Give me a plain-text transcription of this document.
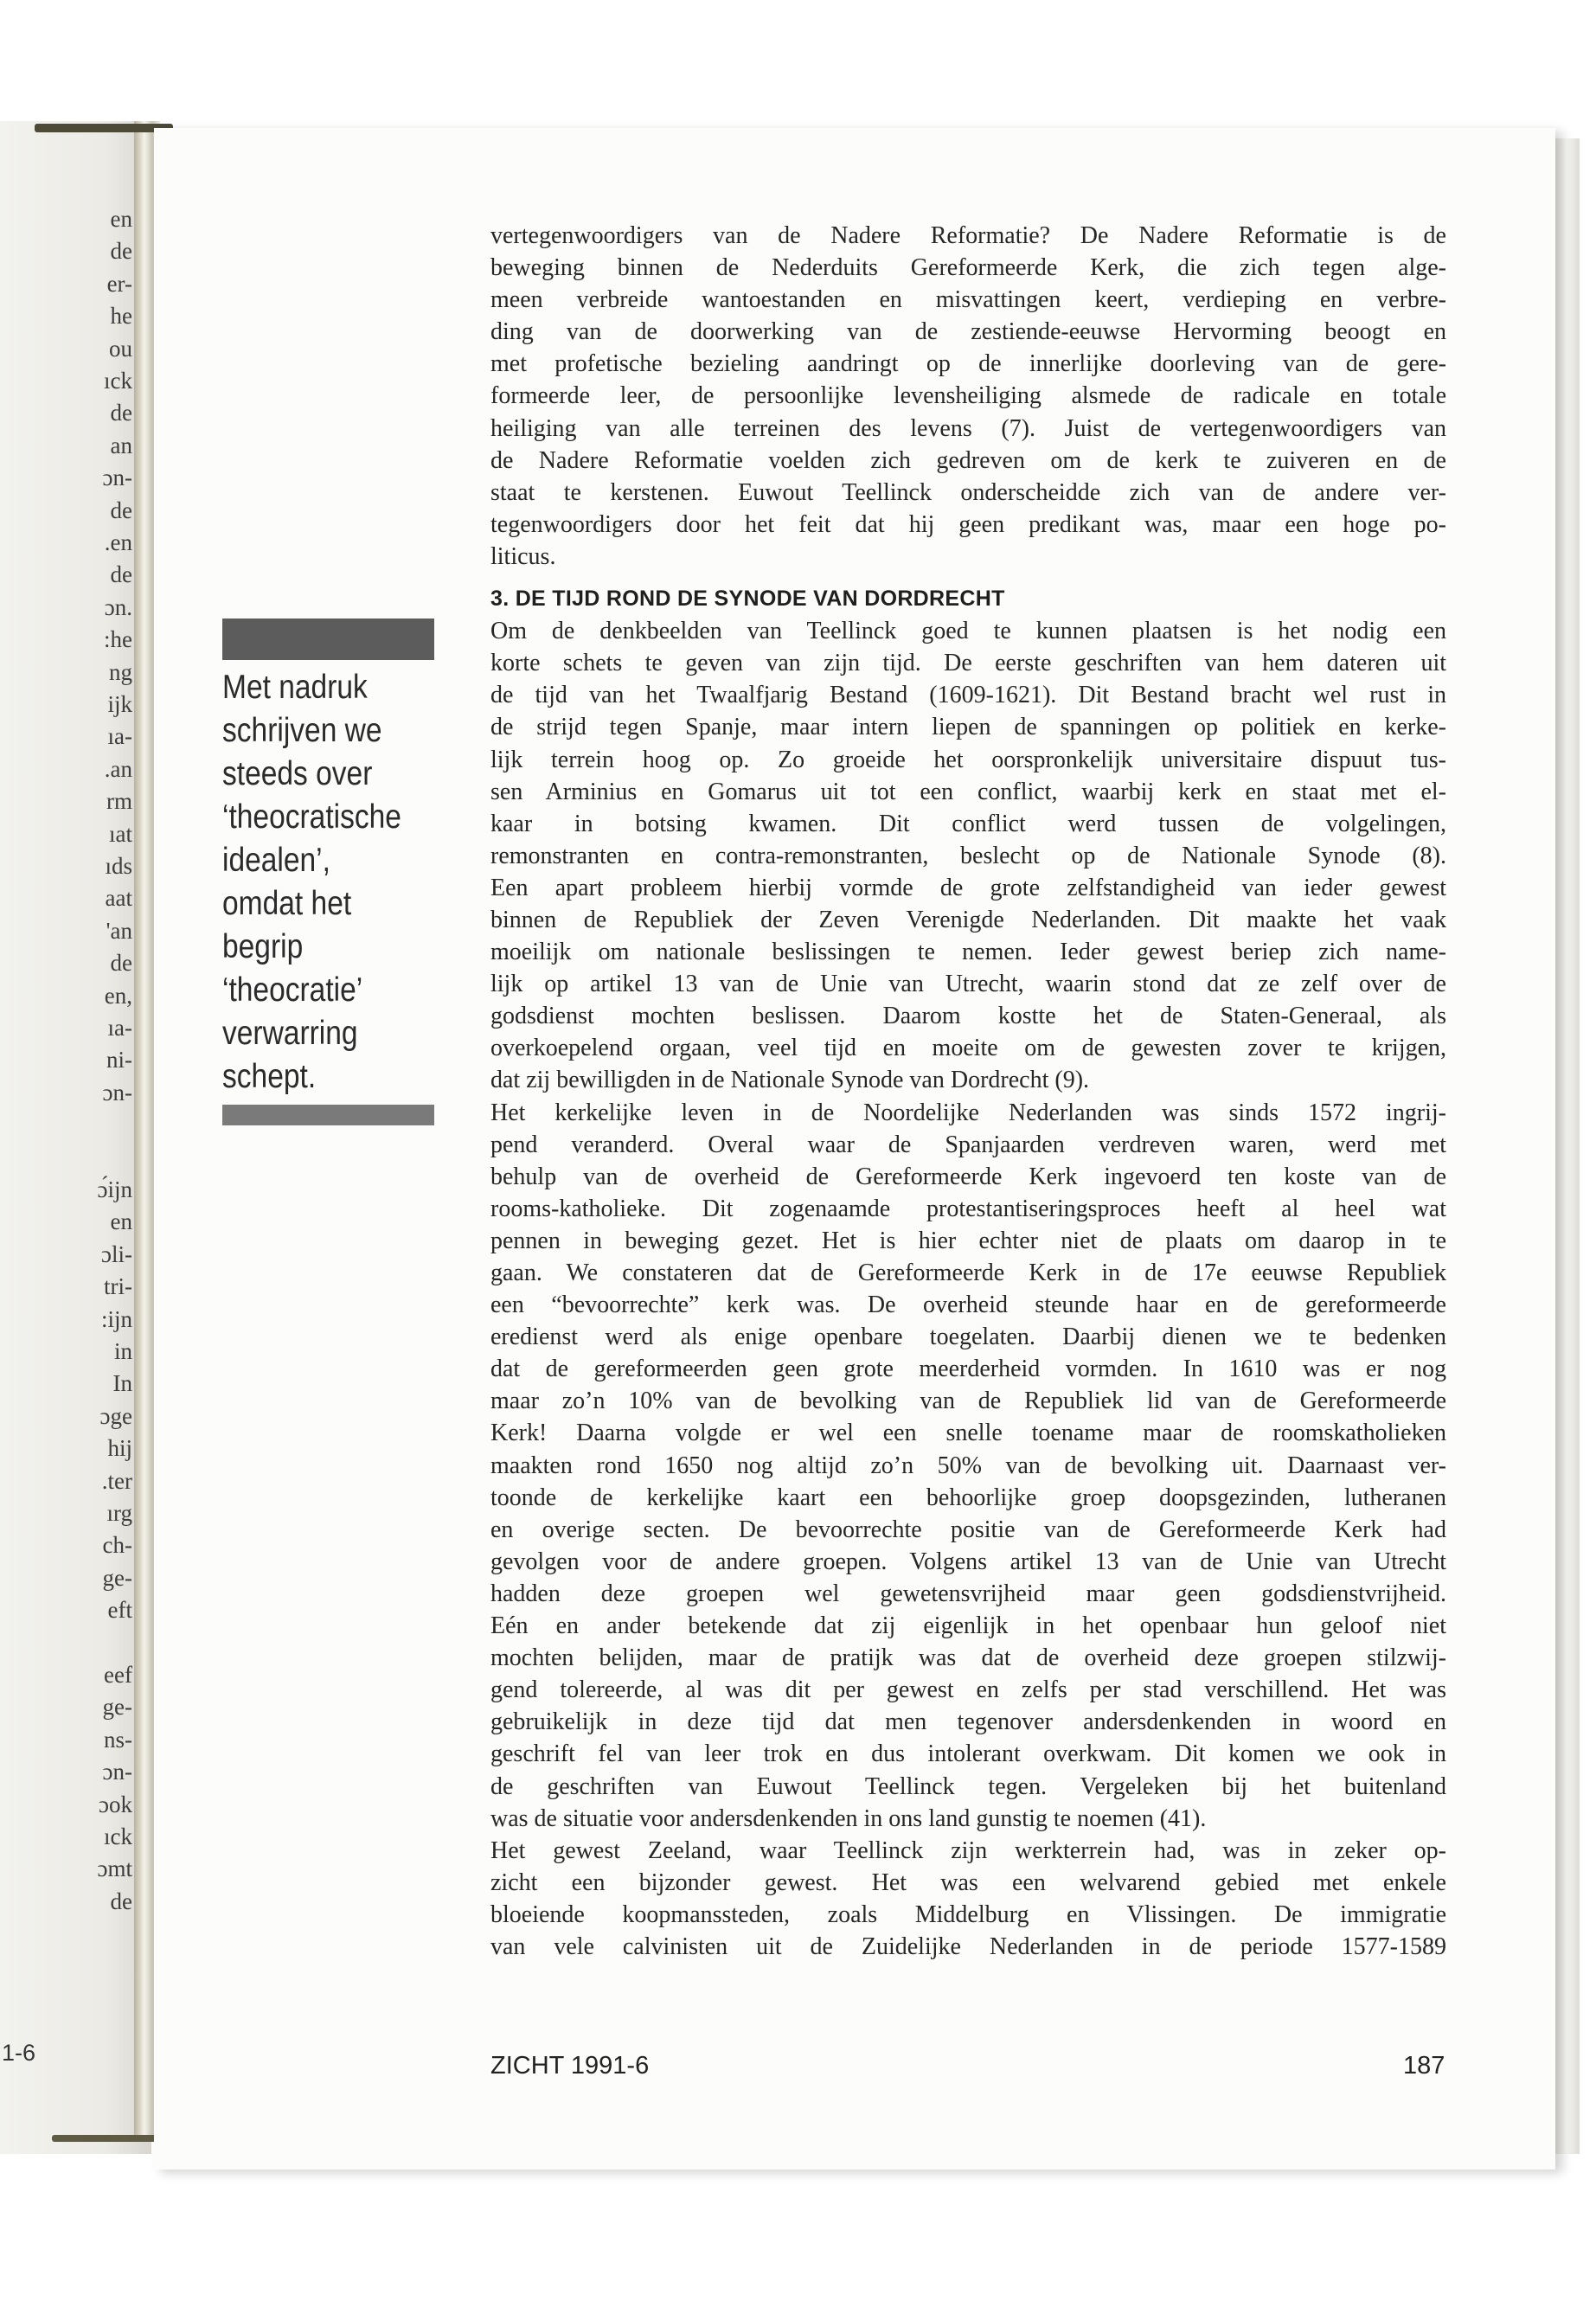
en
de
er-
he
ou
ıck
de
an
ɔn-
de
.en
de
ɔn.
:he
ng
ijk
ıa-
.an
rm
ıat
ıds
aat
'an
de
en,
ıa-
ni-
ɔn-
ɔ́ijn
en
ɔli-
tri-
:ijn
in
In
ɔge
hij
.ter
ırg
ch-
ge-
eft
eef
ge-
ns-
ɔn-
ɔok
ıck
ɔmt
de
1-6
Met nadruk
schrijven we
steeds over
‘theocratische
idealen’,
omdat het
begrip
‘theocratie’
verwarring
schept.
vertegenwoordigers van de Nadere Reformatie? De Nadere Reformatie is de
beweging binnen de Nederduits Gereformeerde Kerk, die zich tegen alge-
meen verbreide wantoestanden en misvattingen keert, verdieping en verbre-
ding van de doorwerking van de zestiende-eeuwse Hervorming beoogt en
met profetische bezieling aandringt op de innerlijke doorleving van de gere-
formeerde leer, de persoonlijke levensheiliging alsmede de radicale en totale
heiliging van alle terreinen des levens (7). Juist de vertegenwoordigers van
de Nadere Reformatie voelden zich gedreven om de kerk te zuiveren en de
staat te kerstenen. Euwout Teellinck onderscheidde zich van de andere ver-
tegenwoordigers door het feit dat hij geen predikant was, maar een hoge po-
liticus.
3. DE TIJD ROND DE SYNODE VAN DORDRECHT
Om de denkbeelden van Teellinck goed te kunnen plaatsen is het nodig een
korte schets te geven van zijn tijd. De eerste geschriften van hem dateren uit
de tijd van het Twaalfjarig Bestand (1609-1621). Dit Bestand bracht wel rust in
de strijd tegen Spanje, maar intern liepen de spanningen op politiek en kerke-
lijk terrein hoog op. Zo groeide het oorspronkelijk universitaire dispuut tus-
sen Arminius en Gomarus uit tot een conflict, waarbij kerk en staat met el-
kaar in botsing kwamen. Dit conflict werd tussen de volgelingen,
remonstranten en contra-remonstranten, beslecht op de Nationale Synode (8).
Een apart probleem hierbij vormde de grote zelfstandigheid van ieder gewest
binnen de Republiek der Zeven Verenigde Nederlanden. Dit maakte het vaak
moeilijk om nationale beslissingen te nemen. Ieder gewest beriep zich name-
lijk op artikel 13 van de Unie van Utrecht, waarin stond dat ze zelf over de
godsdienst mochten beslissen. Daarom kostte het de Staten-Generaal, als
overkoepelend orgaan, veel tijd en moeite om de gewesten zover te krijgen,
dat zij bewilligden in de Nationale Synode van Dordrecht (9).
Het kerkelijke leven in de Noordelijke Nederlanden was sinds 1572 ingrij-
pend veranderd. Overal waar de Spanjaarden verdreven waren, werd met
behulp van de overheid de Gereformeerde Kerk ingevoerd ten koste van de
rooms-katholieke. Dit zogenaamde protestantiseringsproces heeft al heel wat
pennen in beweging gezet. Het is hier echter niet de plaats om daarop in te
gaan. We constateren dat de Gereformeerde Kerk in de 17e eeuwse Republiek
een “bevoorrechte” kerk was. De overheid steunde haar en de gereformeerde
eredienst werd als enige openbare toegelaten. Daarbij dienen we te bedenken
dat de gereformeerden geen grote meerderheid vormden. In 1610 was er nog
maar zo’n 10% van de bevolking van de Republiek lid van de Gereformeerde
Kerk! Daarna volgde er wel een snelle toename maar de roomskatholieken
maakten rond 1650 nog altijd zo’n 50% van de bevolking uit. Daarnaast ver-
toonde de kerkelijke kaart een behoorlijke groep doopsgezinden, lutheranen
en overige secten. De bevoorrechte positie van de Gereformeerde Kerk had
gevolgen voor de andere groepen. Volgens artikel 13 van de Unie van Utrecht
hadden deze groepen wel gewetensvrijheid maar geen godsdienstvrijheid.
Eén en ander betekende dat zij eigenlijk in het openbaar hun geloof niet
mochten belijden, maar de pratijk was dat de overheid deze groepen stilzwij-
gend tolereerde, al was dit per gewest en zelfs per stad verschillend. Het was
gebruikelijk in deze tijd dat men tegenover andersdenkenden in woord en
geschrift fel van leer trok en dus intolerant overkwam. Dit komen we ook in
de geschriften van Euwout Teellinck tegen. Vergeleken bij het buitenland
was de situatie voor andersdenkenden in ons land gunstig te noemen (41).
Het gewest Zeeland, waar Teellinck zijn werkterrein had, was in zeker op-
zicht een bijzonder gewest. Het was een welvarend gebied met enkele
bloeiende koopmanssteden, zoals Middelburg en Vlissingen. De immigratie
van vele calvinisten uit de Zuidelijke Nederlanden in de periode 1577-1589
ZICHT 1991-6	187
